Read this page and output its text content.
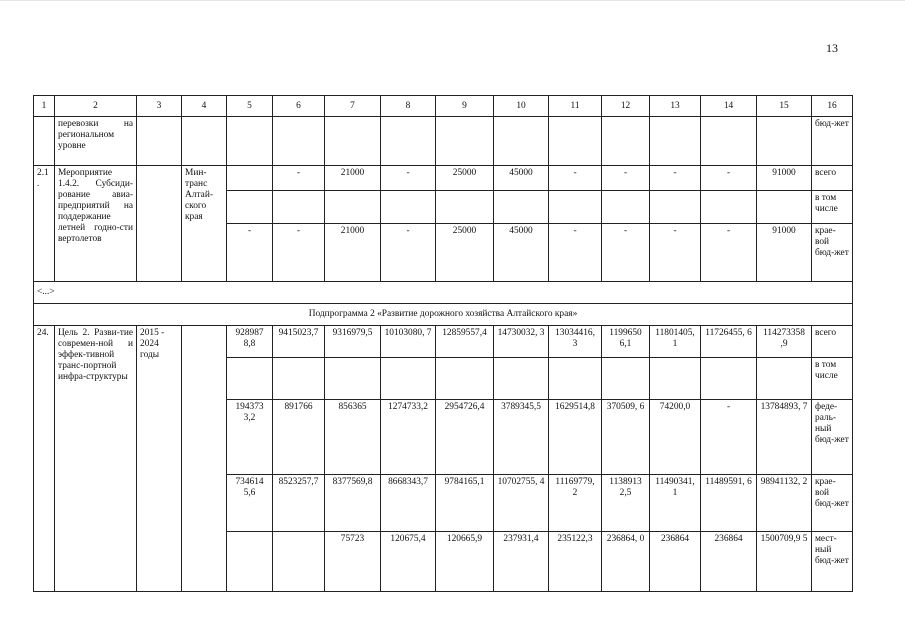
13
1	2	3	4	5	6	7	8	9	10	11	12	13	14	15	16
	перевозки на региональном уровне														бюд-жет
2.1 .	Мероприятие 1.4.2. Субсиди-рование авиа-предприятий на поддержание летней годно-сти вертолетов		Мин-транс Алтай-ского края		-	21000	-	25000	45000	-	-	-	-	91000	всего
															в том числе
				-	-	21000	-	25000	45000	-	-	-	-	91000	крае-вой бюд-жет
<...>															
Подпрограмма 2 «Развитие дорожного хозяйства Алтайского края»															
24.	Цель 2. Разви-тие современ-ной и эффек-тивной транс-портной инфра-структуры	2015 - 2024 годы		928987 8,8	9415023,7	9316979,5	10103080, 7	12859557,4	14730032, 3	13034416, 3	1199650 6,1	11801405, 1	11726455, 6	114273358 ,9	всего
															в том числе
				194373 3,2	891766	856365	1274733,2	2954726,4	3789345,5	1629514,8	370509, 6	74200,0	-	13784893, 7	феде-раль-ный бюд-жет
				734614 5,6	8523257,7	8377569,8	8668343,7	9784165,1	10702755, 4	11169779, 2	1138913 2,5	11490341, 1	11489591, 6	98941132, 2	крае-вой бюд-жет
						75723	120675,4	120665,9	237931,4	235122,3	236864, 0	236864	236864	1500709,9 5	мест-ный бюд-жет
